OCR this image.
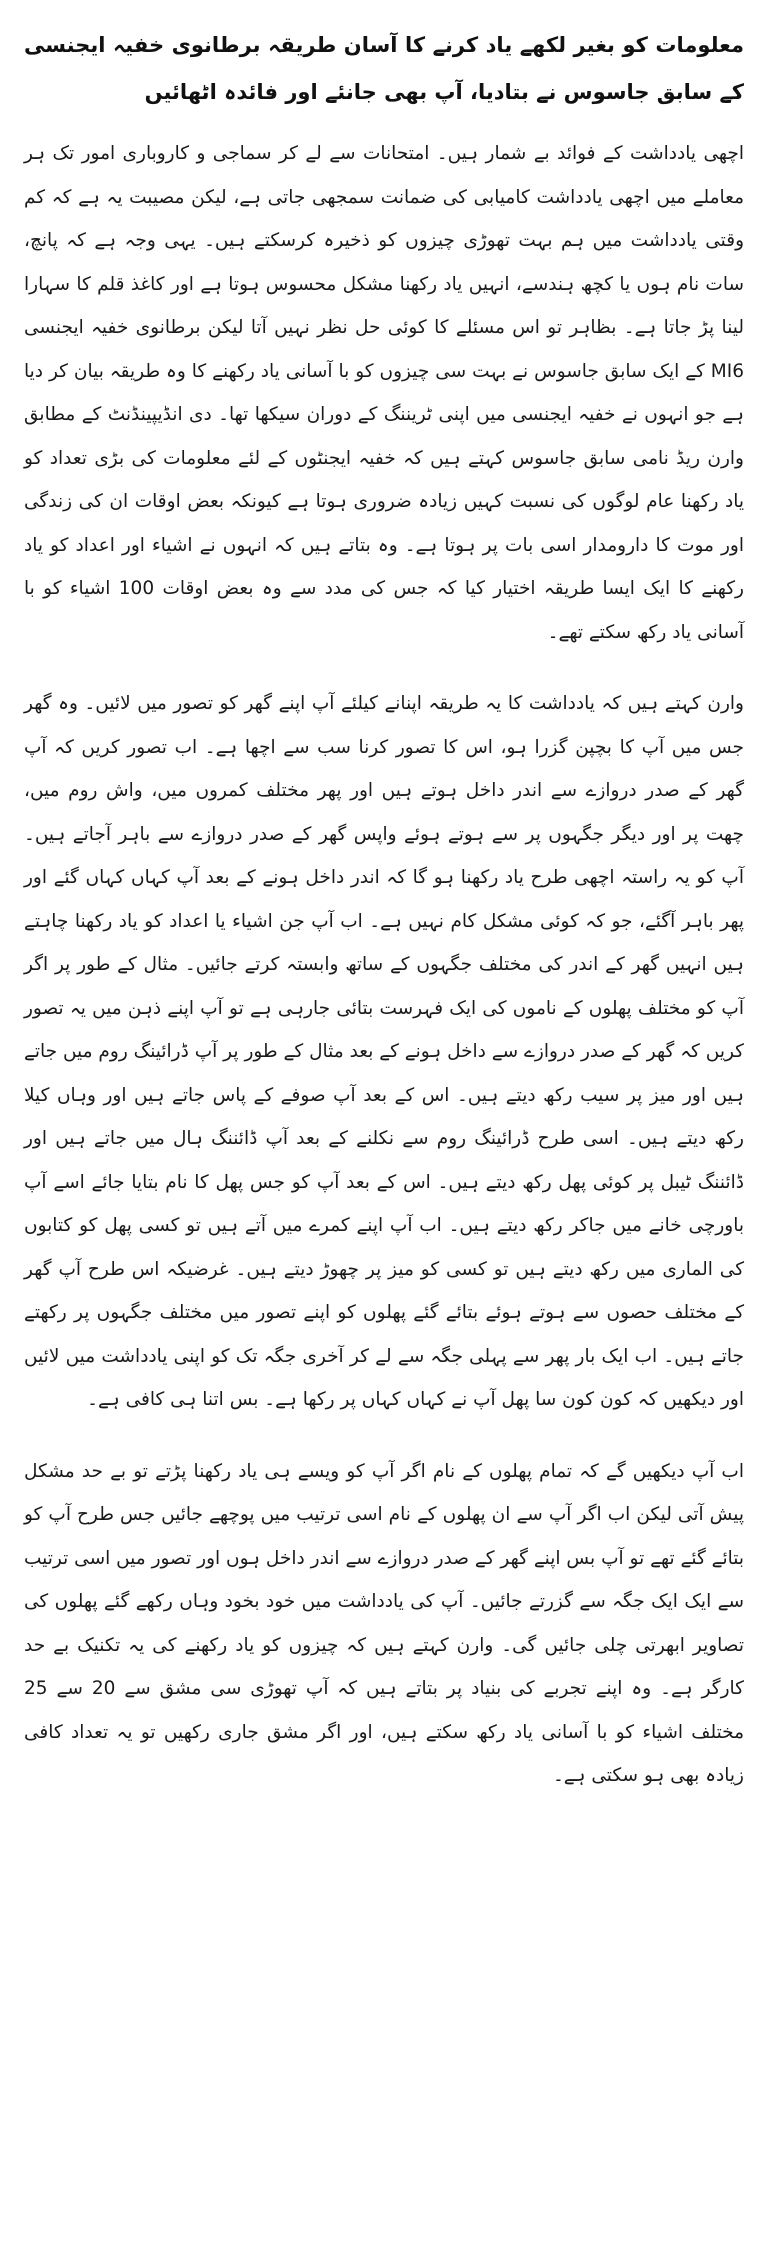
معلومات کو بغیر لکھے یاد کرنے کا آسان طریقہ برطانوی خفیہ ایجنسی کے سابق جاسوس نے بتادیا، آپ بھی جانئے اور فائدہ اٹھائیں

اچھی یادداشت کے فوائد بے شمار ہیں۔ امتحانات سے لے کر سماجی و کاروباری امور تک ہر معاملے میں اچھی یادداشت کامیابی کی ضمانت سمجھی جاتی ہے، لیکن مصیبت یہ ہے کہ کم وقتی یادداشت میں ہم بہت تھوڑی چیزوں کو ذخیرہ کرسکتے ہیں۔ یہی وجہ ہے کہ پانچ، سات نام ہوں یا کچھ ہندسے، انہیں یاد رکھنا مشکل محسوس ہوتا ہے اور کاغذ قلم کا سہارا لینا پڑ جاتا ہے۔ بظاہر تو اس مسئلے کا کوئی حل نظر نہیں آتا لیکن برطانوی خفیہ ایجنسی MI6 کے ایک سابق جاسوس نے بہت سی چیزوں کو با آسانی یاد رکھنے کا وہ طریقہ بیان کر دیا ہے جو انہوں نے خفیہ ایجنسی میں اپنی ٹریننگ کے دوران سیکھا تھا۔ دی انڈیپینڈنٹ کے مطابق وارن ریڈ نامی سابق جاسوس کہتے ہیں کہ خفیہ ایجنٹوں کے لئے معلومات کی بڑی تعداد کو یاد رکھنا عام لوگوں کی نسبت کہیں زیادہ ضروری ہوتا ہے کیونکہ بعض اوقات ان کی زندگی اور موت کا دارومدار اسی بات پر ہوتا ہے۔ وہ بتاتے ہیں کہ انہوں نے اشیاء اور اعداد کو یاد رکھنے کا ایک ایسا طریقہ اختیار کیا کہ جس کی مدد سے وہ بعض اوقات 100 اشیاء کو با آسانی یاد رکھ سکتے تھے۔

وارن کہتے ہیں کہ یادداشت کا یہ طریقہ اپنانے کیلئے آپ اپنے گھر کو تصور میں لائیں۔ وہ گھر جس میں آپ کا بچپن گزرا ہو، اس کا تصور کرنا سب سے اچھا ہے۔ اب تصور کریں کہ آپ گھر کے صدر دروازے سے اندر داخل ہوتے ہیں اور پھر مختلف کمروں میں، واش روم میں، چھت پر اور دیگر جگہوں پر سے ہوتے ہوئے واپس گھر کے صدر دروازے سے باہر آجاتے ہیں۔ آپ کو یہ راستہ اچھی طرح یاد رکھنا ہو گا کہ اندر داخل ہونے کے بعد آپ کہاں کہاں گئے اور پھر باہر آگئے، جو کہ کوئی مشکل کام نہیں ہے۔ اب آپ جن اشیاء یا اعداد کو یاد رکھنا چاہتے ہیں انہیں گھر کے اندر کی مختلف جگہوں کے ساتھ وابستہ کرتے جائیں۔ مثال کے طور پر اگر آپ کو مختلف پھلوں کے ناموں کی ایک فہرست بتائی جارہی ہے تو آپ اپنے ذہن میں یہ تصور کریں کہ گھر کے صدر دروازے سے داخل ہونے کے بعد مثال کے طور پر آپ ڈرائینگ روم میں جاتے ہیں اور میز پر سیب رکھ دیتے ہیں۔ اس کے بعد آپ صوفے کے پاس جاتے ہیں اور وہاں کیلا رکھ دیتے ہیں۔ اسی طرح ڈرائینگ روم سے نکلنے کے بعد آپ ڈائننگ ہال میں جاتے ہیں اور ڈائننگ ٹیبل پر کوئی پھل رکھ دیتے ہیں۔ اس کے بعد آپ کو جس پھل کا نام بتایا جائے اسے آپ باورچی خانے میں جاکر رکھ دیتے ہیں۔ اب آپ اپنے کمرے میں آتے ہیں تو کسی پھل کو کتابوں کی الماری میں رکھ دیتے ہیں تو کسی کو میز پر چھوڑ دیتے ہیں۔ غرضیکہ اس طرح آپ گھر کے مختلف حصوں سے ہوتے ہوئے بتائے گئے پھلوں کو اپنے تصور میں مختلف جگہوں پر رکھتے جاتے ہیں۔ اب ایک بار پھر سے پہلی جگہ سے لے کر آخری جگہ تک کو اپنی یادداشت میں لائیں اور دیکھیں کہ کون کون سا پھل آپ نے کہاں کہاں پر رکھا ہے۔ بس اتنا ہی کافی ہے۔

اب آپ دیکھیں گے کہ تمام پھلوں کے نام اگر آپ کو ویسے ہی یاد رکھنا پڑتے تو بے حد مشکل پیش آتی لیکن اب اگر آپ سے ان پھلوں کے نام اسی ترتیب میں پوچھے جائیں جس طرح آپ کو بتائے گئے تھے تو آپ بس اپنے گھر کے صدر دروازے سے اندر داخل ہوں اور تصور میں اسی ترتیب سے ایک ایک جگہ سے گزرتے جائیں۔ آپ کی یادداشت میں خود بخود وہاں رکھے گئے پھلوں کی تصاویر ابھرتی چلی جائیں گی۔ وارن کہتے ہیں کہ چیزوں کو یاد رکھنے کی یہ تکنیک بے حد کارگر ہے۔ وہ اپنے تجربے کی بنیاد پر بتاتے ہیں کہ آپ تھوڑی سی مشق سے 20 سے 25 مختلف اشیاء کو با آسانی یاد رکھ سکتے ہیں، اور اگر مشق جاری رکھیں تو یہ تعداد کافی زیادہ بھی ہو سکتی ہے۔
